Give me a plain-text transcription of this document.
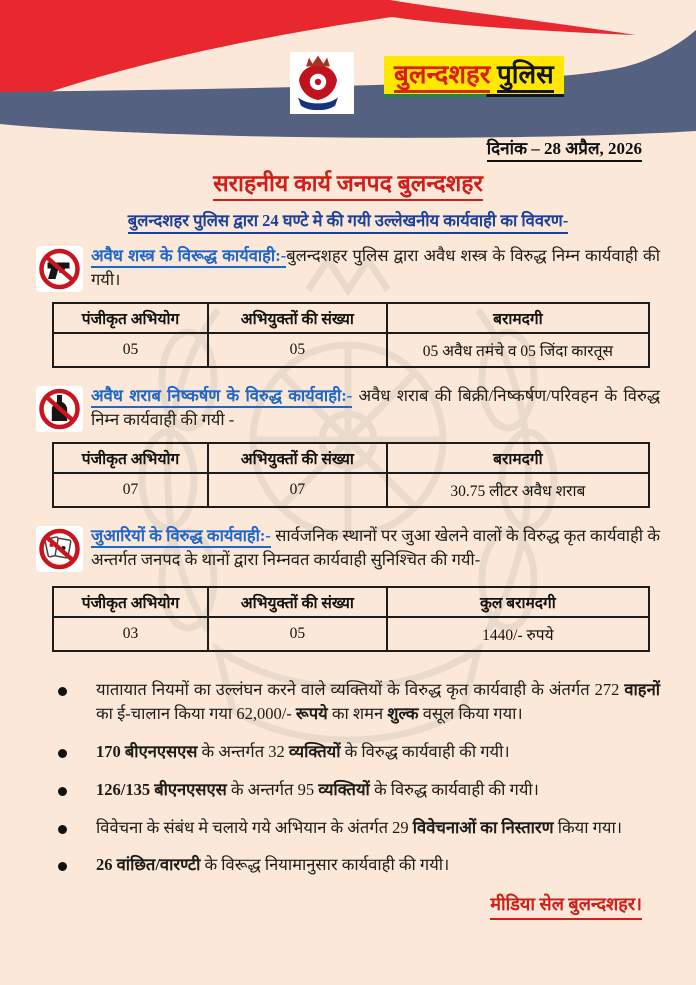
बुलन्दशहर पुलिस
दिनांक – 28 अप्रैल, 2026
सराहनीय कार्य जनपद बुलन्दशहर
बुलन्दशहर पुलिस द्वारा 24 घण्टे मे की गयी उल्लेखनीय कार्यवाही का विवरण-
अवैध शस्त्र के विरूद्ध कार्यवाही:-बुलन्दशहर पुलिस द्वारा अवैध शस्त्र के विरुद्ध निम्न कार्यवाही की गयी।
पंजीकृत अभियोग	अभियुक्तों की संख्या	बरामदगी
05	05	05 अवैध तमंचे व 05 जिंदा कारतूस
अवैध शराब निष्कर्षण के विरुद्ध कार्यवाही:- अवैध शराब की बिक्री/निष्कर्षण/परिवहन के विरुद्ध निम्न कार्यवाही की गयी -
पंजीकृत अभियोग	अभियुक्तों की संख्या	बरामदगी
07	07	30.75 लीटर अवैध शराब
जुआरियों के विरुद्ध कार्यवाही:- सार्वजनिक स्थानों पर जुआ खेलने वालों के विरुद्ध कृत कार्यवाही के अन्तर्गत जनपद के थानों द्वारा निम्नवत कार्यवाही सुनिश्चित की गयी-
पंजीकृत अभियोग	अभियुक्तों की संख्या	कुल बरामदगी
03	05	1440/- रुपये
यातायात नियमों का उल्लंघन करने वाले व्यक्तियों के विरुद्ध कृत कार्यवाही के अंतर्गत 272 वाहनों का ई-चालान किया गया 62,000/- रूपये का शमन शुल्क वसूल किया गया।
170 बीएनएसएस के अन्तर्गत 32 व्यक्तियों के विरुद्ध कार्यवाही की गयी।
126/135 बीएनएसएस के अन्तर्गत 95 व्यक्तियों के विरुद्ध कार्यवाही की गयी।
विवेचना के संबंध मे चलाये गये अभियान के अंतर्गत 29 विवेचनाओं का निस्तारण किया गया।
26 वांछित/वारण्टी के विरूद्ध नियामानुसार कार्यवाही की गयी।
मीडिया सेल बुलन्दशहर।
